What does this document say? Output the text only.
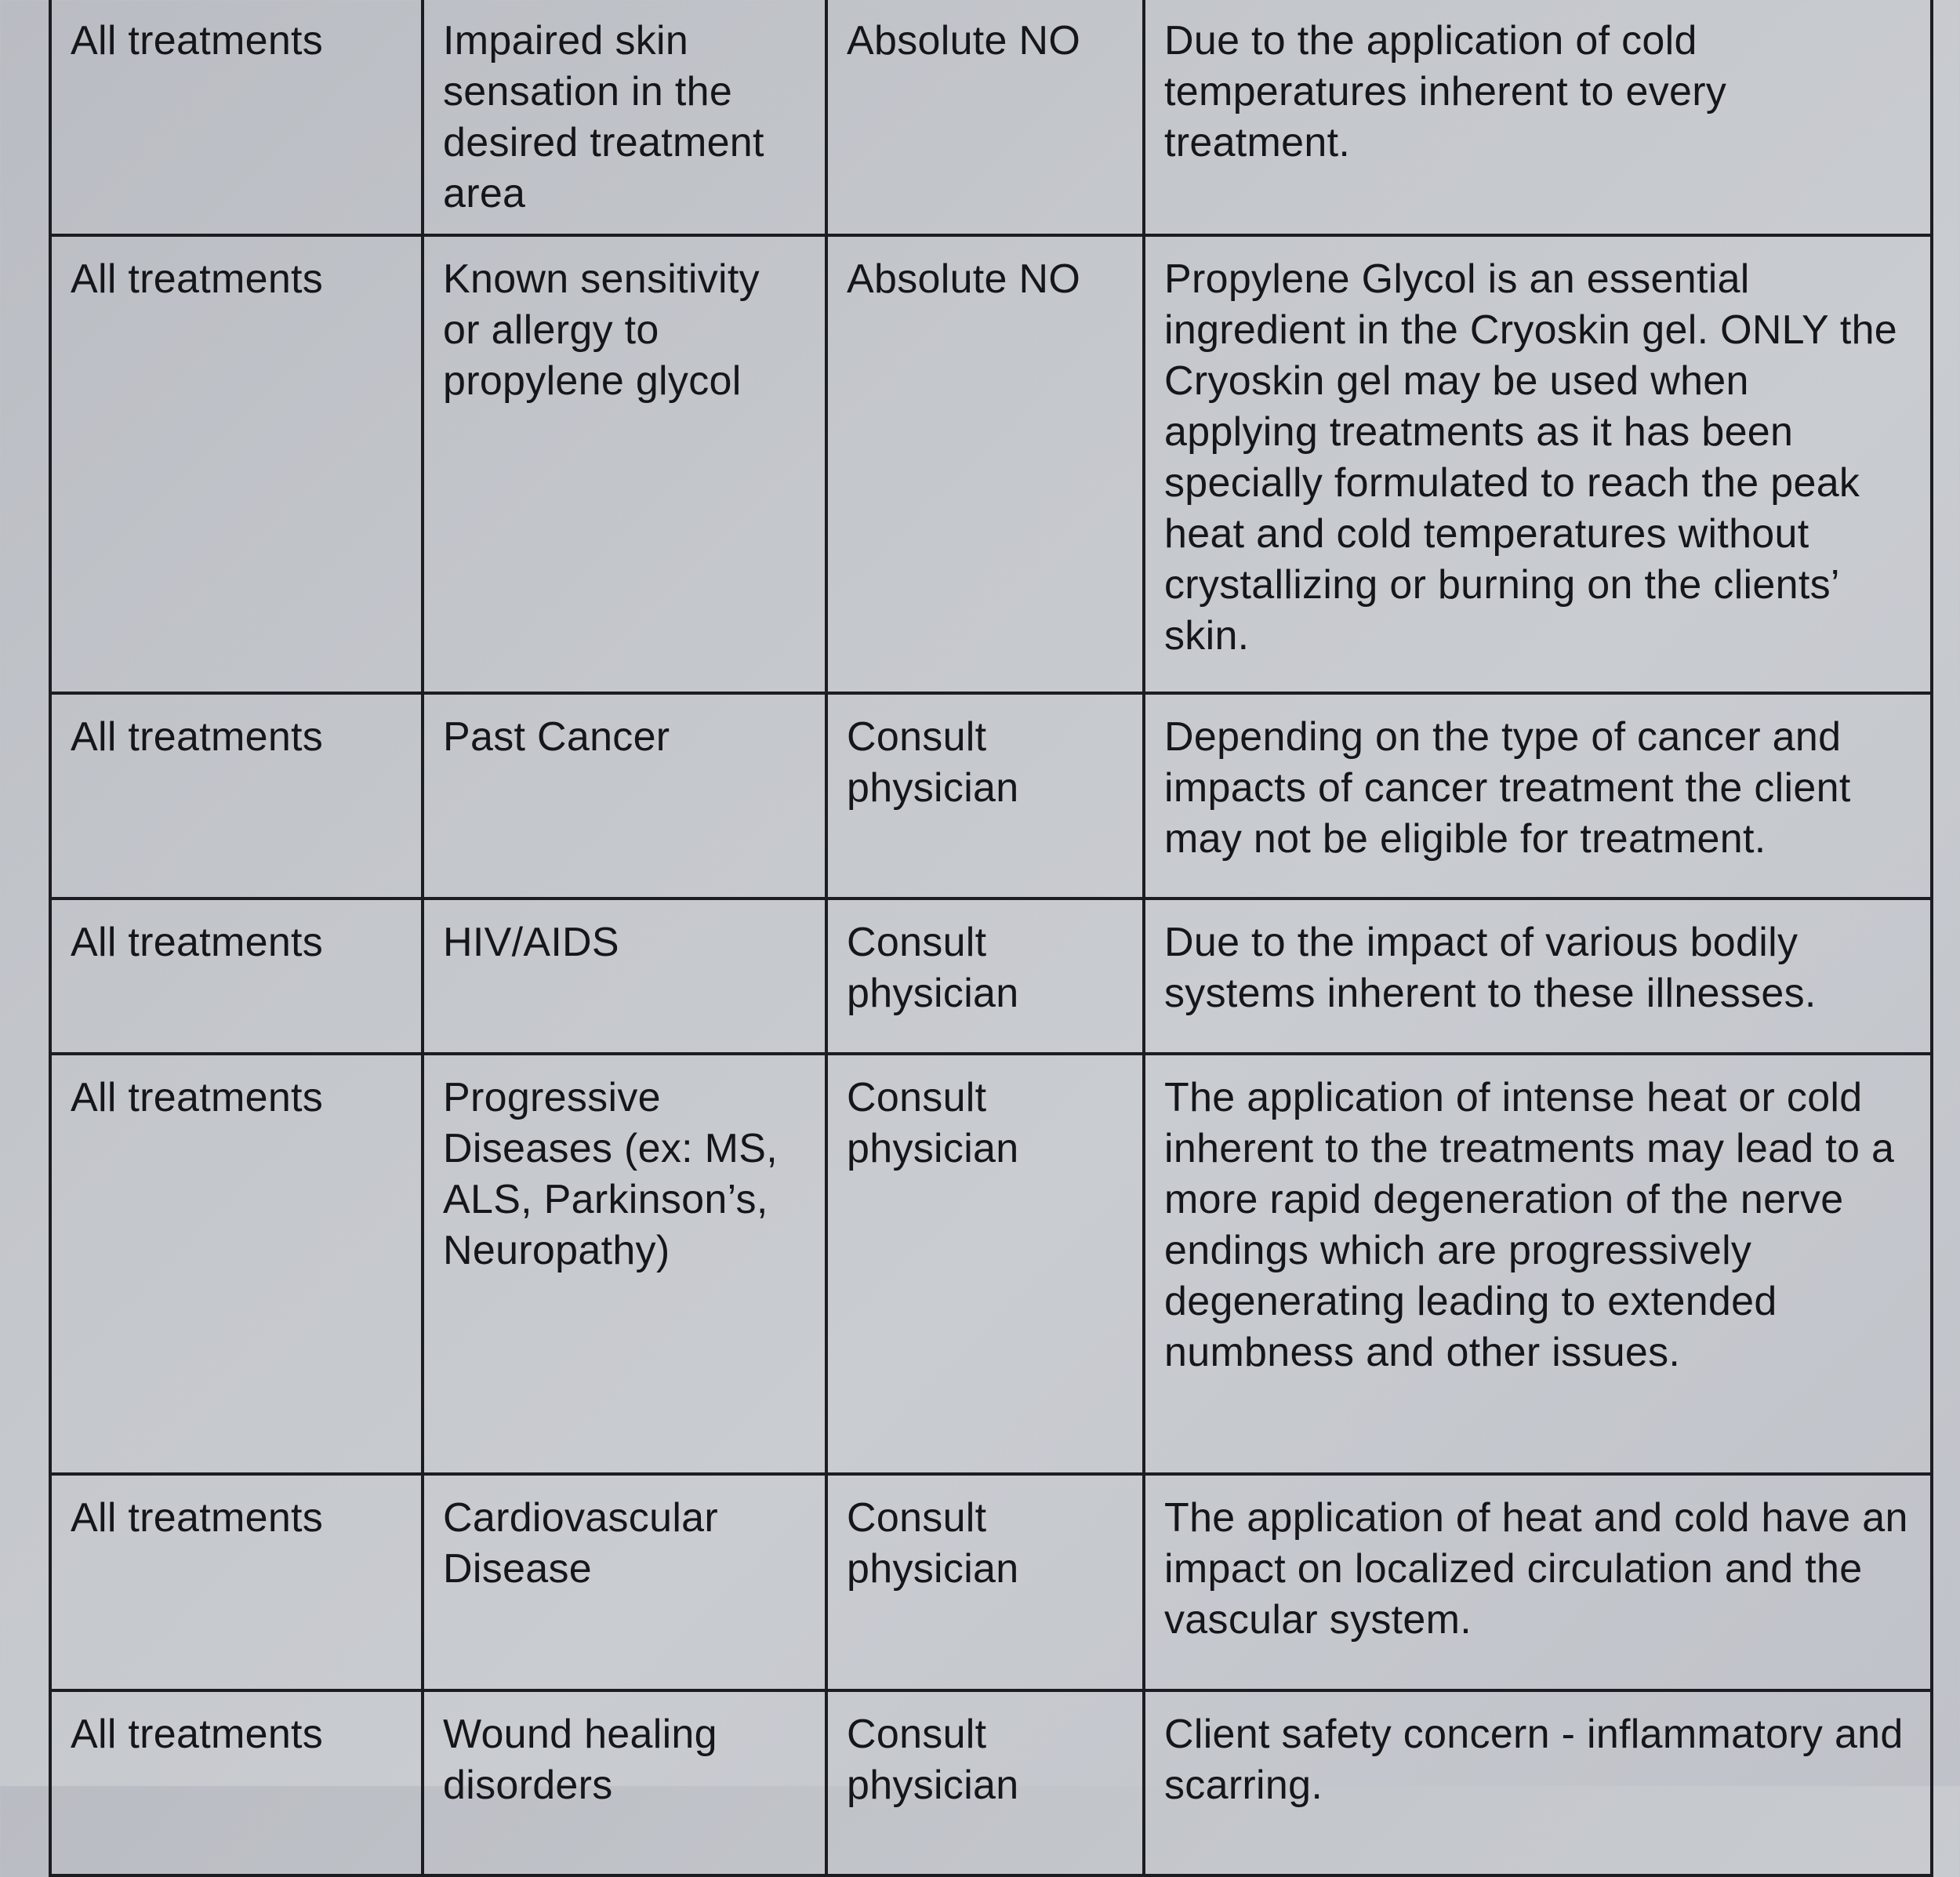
All treatments	Impaired skin sensation in the desired treatment area	Absolute NO	Due to the application of cold temperatures inherent to every treatment.

All treatments	Known sensitivity or allergy to propylene glycol	Absolute NO	Propylene Glycol is an essential ingredient in the Cryoskin gel. ONLY the Cryoskin gel may be used when applying treatments as it has been specially formulated to reach the peak heat and cold temperatures without crystallizing or burning on the clients’ skin.

All treatments	Past Cancer	Consult physician	Depending on the type of cancer and impacts of cancer treatment the client may not be eligible for treatment.

All treatments	HIV/AIDS	Consult physician	Due to the impact of various bodily systems inherent to these illnesses.

All treatments	Progressive Diseases (ex: MS, ALS, Parkinson’s, Neuropathy)	Consult physician	The application of intense heat or cold inherent to the treatments may lead to a more rapid degeneration of the nerve endings which are progressively degenerating leading to extended numbness and other issues.

All treatments	Cardiovascular Disease	Consult physician	The application of heat and cold have an impact on localized circulation and the vascular system.

All treatments	Wound healing disorders	Consult physician	Client safety concern - inflammatory and scarring.
